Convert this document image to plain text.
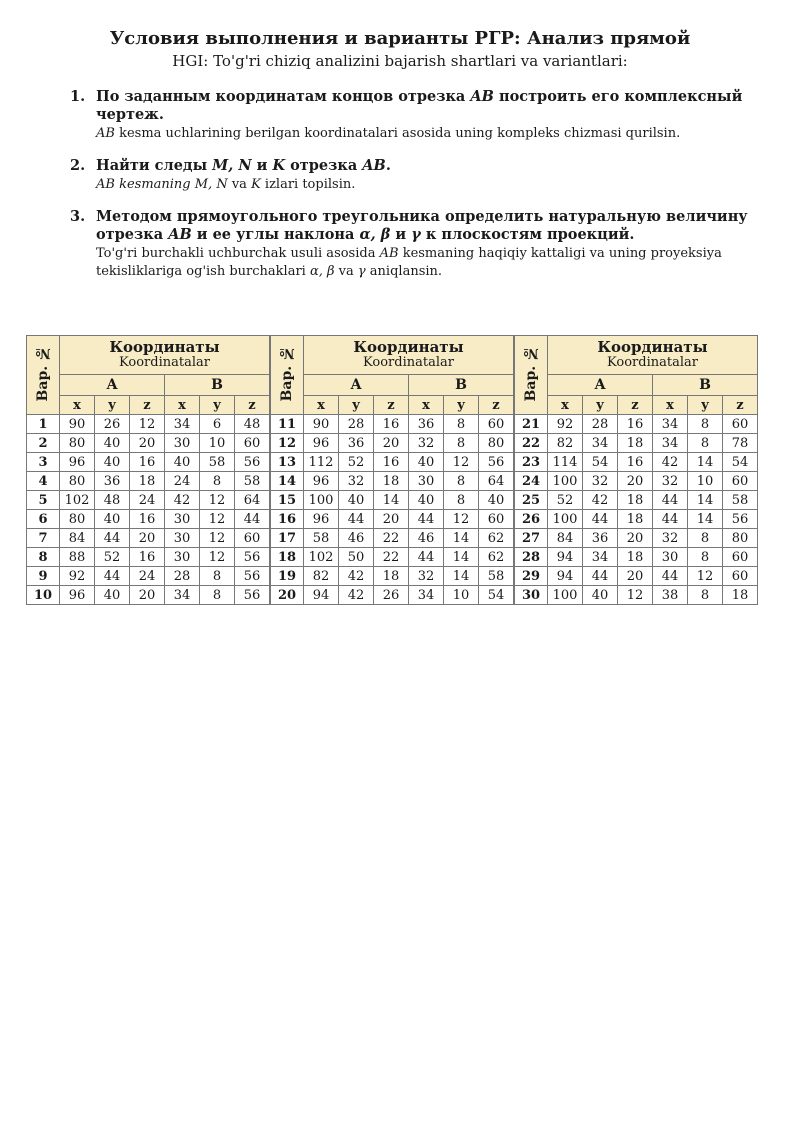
Условия выполнения и варианты РГР: Анализ прямой
HGI: To'g'ri chiziq analizini bajarish shartlari va variantlari:
1. По заданным координатам концов отрезка AB построить его комплексный чертеж.
AB kesma uchlarining berilgan koordinatalari asosida uning kompleks chizmasi qurilsin.
2. Найти следы M, N и K отрезка AB.
AB kesmaning M, N va K izlari topilsin.
3. Методом прямоугольного треугольника определить натуральную величину отрезка AB и ее углы наклона α, β и γ к плоскостям проекций.
To'g'ri burchakli uchburchak usuli asosida AB kesmaning haqiqiy kattaligi va uning proyeksiya tekisliklariga og'ish burchaklari α, β va γ aniqlansin.
Вар. №	Координаты
Koordinatalar					

	A			B		
	x	y	z	x	y	z
1	90	26	12	34	6	48
2	80	40	20	30	10	60
3	96	40	16	40	58	56
4	80	36	18	24	8	58
5	102	48	24	42	12	64
6	80	40	16	30	12	44
7	84	44	20	30	12	60
8	88	52	16	30	12	56
9	92	44	24	28	8	56
10	96	40	20	34	8	56
Вар. №	Координаты
Koordinatalar					

	A			B		
	x	y	z	x	y	z
11	90	28	16	36	8	60
12	96	36	20	32	8	80
13	112	52	16	40	12	56
14	96	32	18	30	8	64
15	100	40	14	40	8	40
16	96	44	20	44	12	60
17	58	46	22	46	14	62
18	102	50	22	44	14	62
19	82	42	18	32	14	58
20	94	42	26	34	10	54
Вар. №	Координаты
Koordinatalar					

	A			B		
	x	y	z	x	y	z
21	92	28	16	34	8	60
22	82	34	18	34	8	78
23	114	54	16	42	14	54
24	100	32	20	32	10	60
25	52	42	18	44	14	58
26	100	44	18	44	14	56
27	84	36	20	32	8	80
28	94	34	18	30	8	60
29	94	44	20	44	12	60
30	100	40	12	38	8	18
